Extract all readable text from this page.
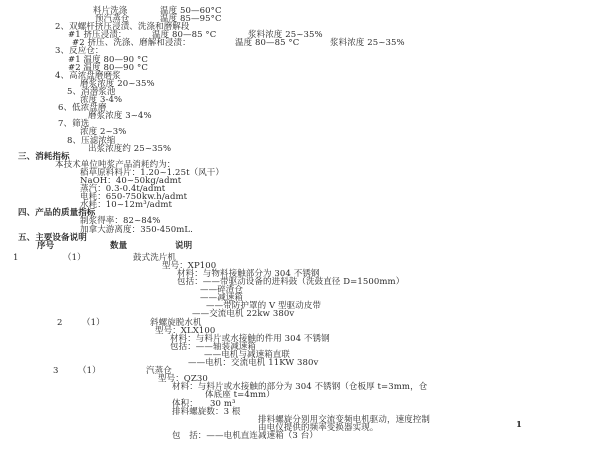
料片洗涤	温度 50—60°C
预汽蒸仓	温度 85—95°C
2、双螺杆挤压浸渍、洗涤和磨解段
#1 挤压浸渍：	温度 80—85 °C	浆料浓度 25~35%
#2 挤压、洗涤、磨解和浸渍：	温度 80—85 °C	浆料浓度 25~35%
3、反应仓：
#1 温度 80—90 °C
#2 温度 80—90 °C
4、高浓盘磨磨浆
磨浆浓度 20~35%
5、消潜浆池
浓度 3-4%
6、低浓盘磨
磨浆浓度 3~4%
7、筛选
浓度 2~3%
8、压滤浓缩
出浆浓度约 25~35%
三、消耗指标
本技术单位吨浆产品消耗约为：
稻草原料料片：1.20~1.25t（风干）
NaOH：40~50kg/admt
蒸汽：0.3-0.4t/admt
电耗：650-750kw.h/admt
水耗：10~12m³/admt
四、产品的质量指标
制浆得率：82~84%
加拿大游离度：350-450mL.
五、主要设备说明
序号	数量	说明
1	（1）	鼓式洗片机
型号：XP100
材料：与物料接触部分为 304 不锈钢
包括：——带驱动设备的进料鼓（洗鼓直径 D=1500mm）
——碎渣仓
——减速箱
——带防护罩的 V 型驱动皮带
——交流电机 22kw 380v
2 （1）	斜螺旋脱水机
型号：XLX100
材料：与料片或水接触的件用 304 不锈钢
包括：——轴装减速箱
——电机与减速箱直联
——电机：交流电机 11KW 380v
3 （1）	汽蒸仓
型号：QZ30
材料：与料片或水接触的部分为 304 不锈钢（仓板厚 t=3mm，仓
体底座 t=4mm）
体积： 30 m³
排料螺旋数：3 根
排料螺旋分别用交流变频电机驱动，速度控制
由电仪提供的频率变换器实现。
包　括：——电机直连减速箱（3 台）
1
